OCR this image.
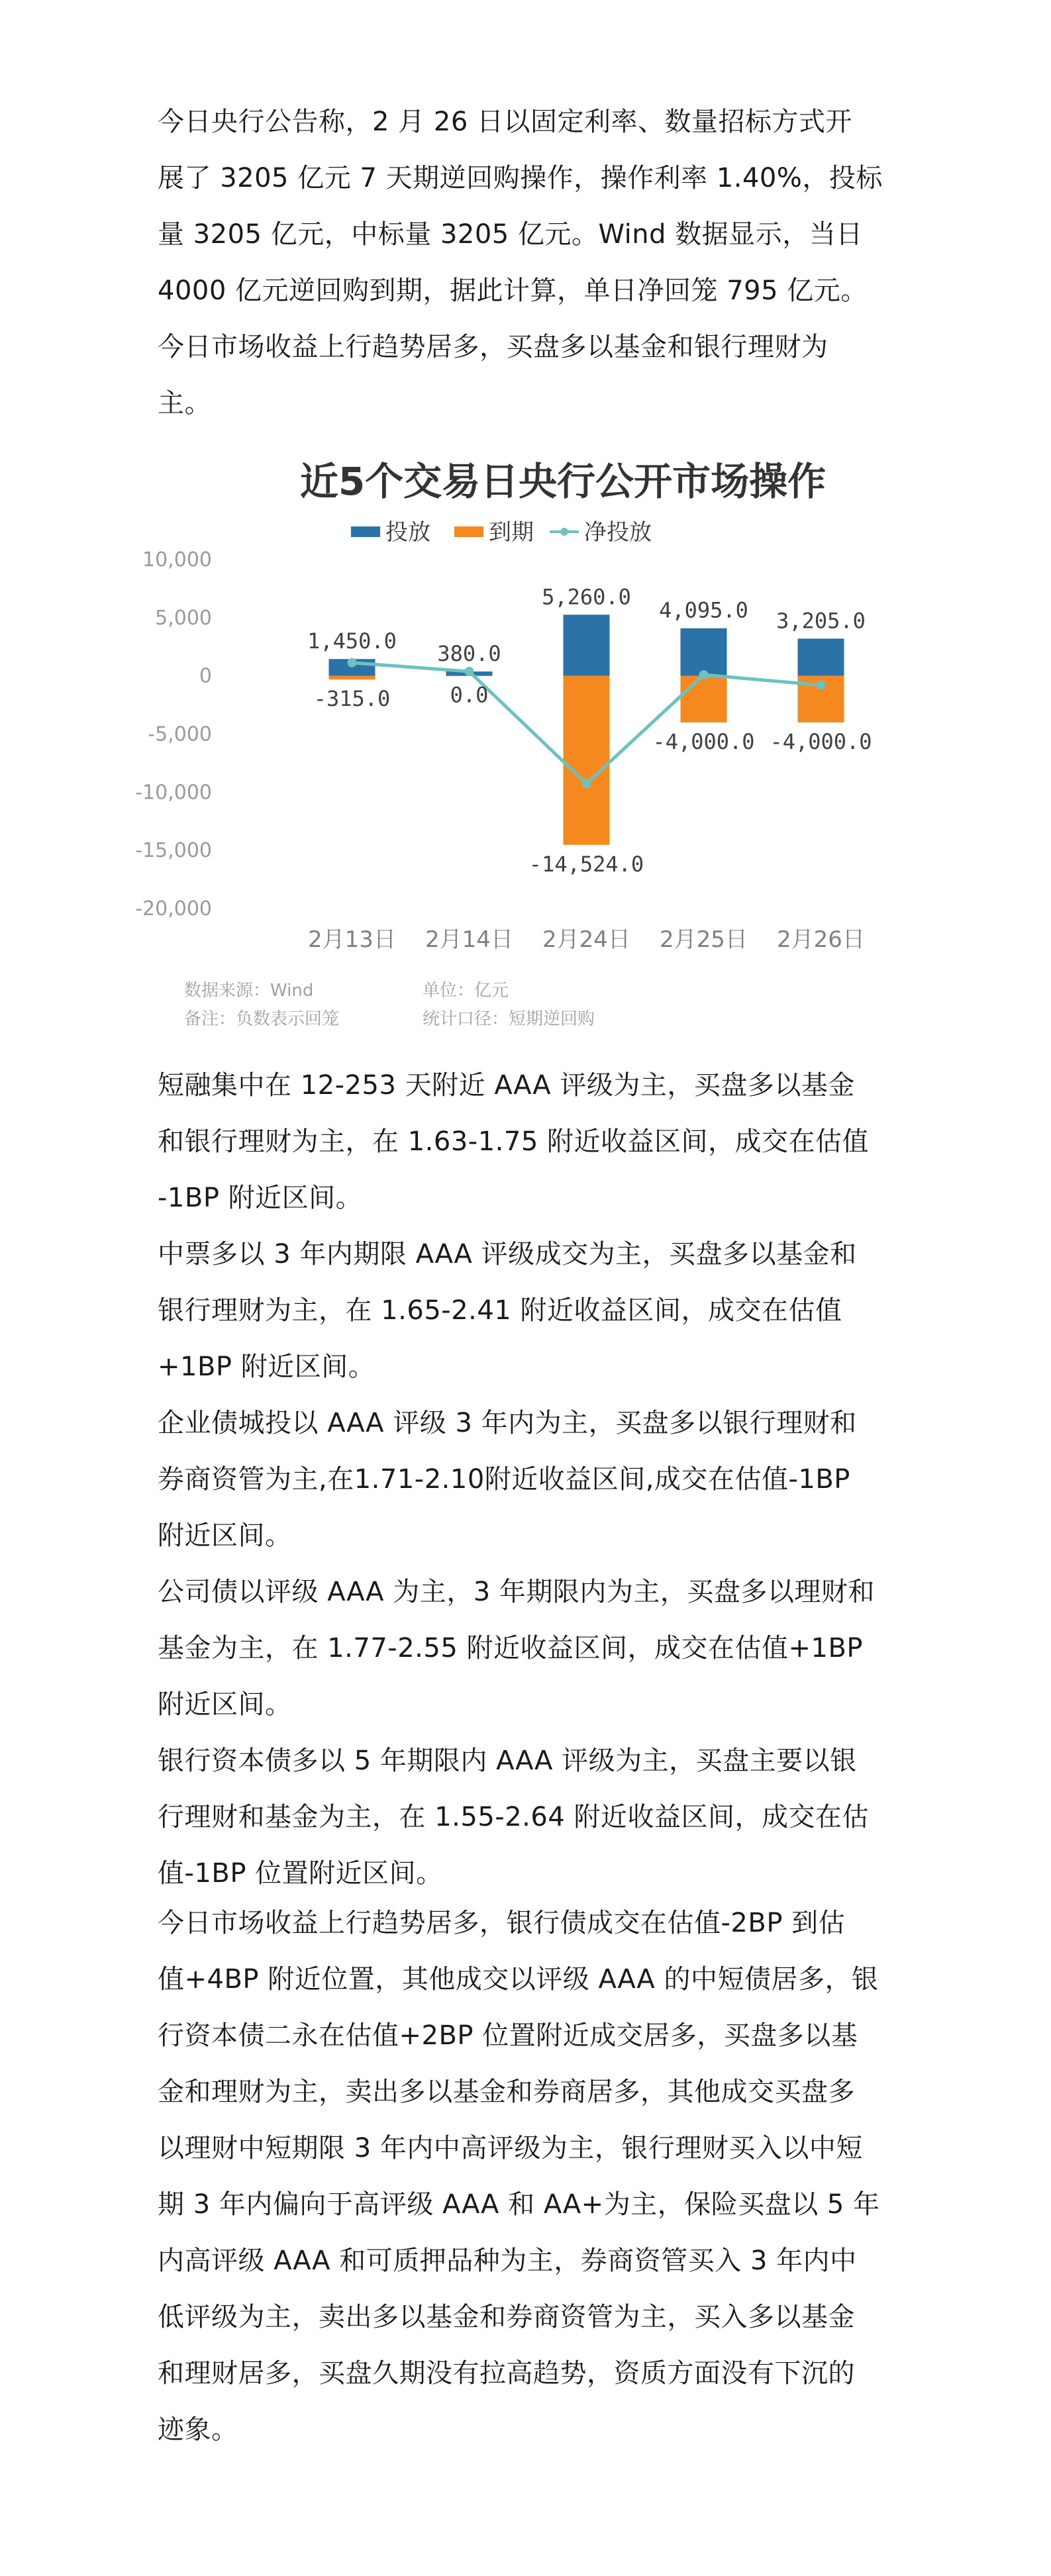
今日央行公告称，2 月 26 日以固定利率、数量招标方式开
展了 3205 亿元 7 天期逆回购操作，操作利率 1.40%，投标
量 3205 亿元，中标量 3205 亿元。Wind 数据显示，当日
4000 亿元逆回购到期，据此计算，单日净回笼 795 亿元。
今日市场收益上行趋势居多，买盘多以基金和银行理财为
主。
近5个交易日央行公开市场操作
投放	到期 净投放
10,000
5,000
0
-5,000
-10,000
-15,000
-20,000
1,450.0
-315.0
380.0
0.0
5,260.0
-14,524.0
4,095.0
-4,000.0
3,205.0
-4,000.0
2月13日 2月14日 2月24日 2月25日 2月26日
数据来源：Wind	单位：亿元
备注：负数表示回笼	统计口径：短期逆回购
短融集中在 12-253 天附近 AAA 评级为主，买盘多以基金
和银行理财为主，在 1.63-1.75 附近收益区间，成交在估值
-1BP 附近区间。
中票多以 3 年内期限 AAA 评级成交为主，买盘多以基金和
银行理财为主，在 1.65-2.41 附近收益区间，成交在估值
+1BP 附近区间。
企业债城投以 AAA 评级 3 年内为主，买盘多以银行理财和
券商资管为主,在1.71-2.10附近收益区间,成交在估值-1BP
附近区间。
公司债以评级 AAA 为主，3 年期限内为主，买盘多以理财和
基金为主，在 1.77-2.55 附近收益区间，成交在估值+1BP
附近区间。
银行资本债多以 5 年期限内 AAA 评级为主，买盘主要以银
行理财和基金为主，在 1.55-2.64 附近收益区间，成交在估
值-1BP 位置附近区间。
今日市场收益上行趋势居多，银行债成交在估值-2BP 到估
值+4BP 附近位置，其他成交以评级 AAA 的中短债居多，银
行资本债二永在估值+2BP 位置附近成交居多，买盘多以基
金和理财为主，卖出多以基金和券商居多，其他成交买盘多
以理财中短期限 3 年内中高评级为主，银行理财买入以中短
期 3 年内偏向于高评级 AAA 和 AA+为主，保险买盘以 5 年
内高评级 AAA 和可质押品种为主，券商资管买入 3 年内中
低评级为主，卖出多以基金和券商资管为主，买入多以基金
和理财居多，买盘久期没有拉高趋势，资质方面没有下沉的
迹象。
